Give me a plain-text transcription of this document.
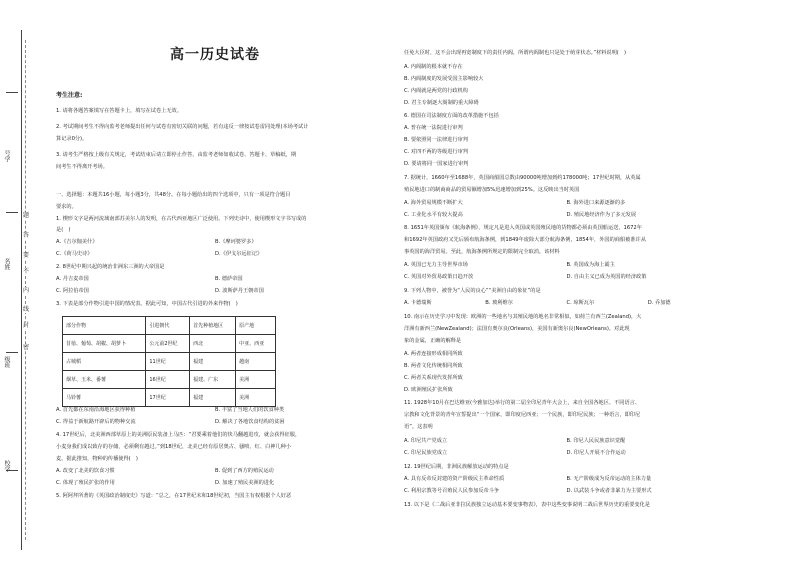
号学
名姓
级班
校学
题
答
要
不
内
线
封
密
高一历史试卷
考生注意:
1. 请将各题答案填写在答题卡上，填写在试卷上无效。
2. 考试期间考生不得向监考老师提出任何与试卷有密切关联的问题，若有违反一律按试卷雷同处理(本场考试计
算记录0分)。
3. 请考生严格按上级有关规定，考试结束后请立即停止作答，由监考老师如收试卷、答题卡、草稿纸，期
间考生不得离开考场。
一、选择题：本题共16小题，每小题3分，共48分。在每小题给出的四个选项中，只有一项是符合题目
要求的。
1. 楔形文字是两河流域南部苏美尔人的发明，在古代西亚地区广泛使用。下列史诗中，使用楔形文字书写成的
是(　)
A.《吉尔伽美什》	B.《摩诃婆罗多》
C.《荷马史诗》	D.《伊戈尔远征记》
2. 8世纪中期兴起的统治非洲东三洲的大帝国是
A. 丹吉麦帝国	B. 德萨帝国
C. 阿拉伯帝国	D. 波斯萨丹王朝帝国
3. 下表是部分作物引进中国的情况表。据此可知，中国古代引进的外来作物(　)
A. 首先都在东南沿海地区获得种植	B. 丰富了当地人们的饮食种类
C. 得益于新航路开辟后的物种交流	D. 解决了各地饮食结构的贫困
4. 17世纪后，北美洲西部草原上的美洲原民装备上马匹：“君要乘着他们的快马翻越进攻，就会获得征服，
小麦身我们成以致存的存储，必须剩有越过。”到18世纪，北美已经有原居奥古、骚喷、红、白神几种小
麦。据此推知，物种的传播使得(　)
A. 改变了北美的饮食习惯	B. 促到了西方的殖民运动
C. 体现了殖民扩张的作用	D. 加速了殖民美洲的进化
5. 阿阿拜所著的《英国政治制度史》写道：“总之，在17世纪末和18世纪初，当国主有权根据个人好恶
部分作物	引进朝代	首先种植地区	原产地
苜蓿、葡萄、胡椒、胡萝卜	公元前2世纪	西北	中亚、西亚
占城稻	11世纪	福建	越南
烟草、玉米、番薯	16世纪	福建、广东	美洲
马铃薯	17世纪	福建	美洲
任免大臣时，这不会出现再宽制度下的责任内阁，所谓内阁制也只是处于萌芽状态。”材料说明(　)
A. 内阁制的根本就不存在
B. 内阁制度的发展受国主影响较大
C. 内阁就是两党的行政机构
D. 君主专制逐大阁制的重大障碍
6. 德国在司法制度方面的改革措施不包括
A. 普在统一法院进行审判
B. 要依照同一法律进行审判
C. 对四不两的等级进行审判
D. 要请将同一国家进行审判
7. 据统计，1660年至1688年，英国商船国总数由90000吨增加到约178000吨；17世纪时期，从英属
殖民地进口的制商商品的贸易额增加5%迅速增加到25%。这反映出当时英国
A. 海外贸易规模不断扩大	B. 海外进口来源逐渐的多
C. 工业化水平有较大提高	D. 殖民地经济作为了多元发展
8. 1651年英国颁布《航海条例》，规定凡是进入英国或英国殖民地的货物都必须由英国船运送，1672年
和1692年英国政府又先后颁布航海条例，到1849年废除大部分航海条例，1854年，外国的商船被准许从
事英国的海洋贸易。至此，航海条例所规定的限制完全取消。该材料
A. 英国已无力主导世界市场	B. 英国成为海上霸主
C. 英国对外贸易政策日趋开放	D. 自由主义已成为英国的经济政策
9. 下列人物中，被誉为“人民的良心”“美洲自由的象征”的是
A. 卡德瑞斯	B. 玻利维尔	C. 琼斯瓦尔	D. 乔加德
10. 南示在历史学习中发现：欧洲的一些地名与其殖民地的地名非常相似，如荷兰有西兰(Zealand)，大
洋洲有新西兰(NewZealand)；法国有奥尔良(Orleans)，美国有新奥尔良(NewOrleans)。对此现
象的金属，正确的解释是
A. 两者连接形成相同所致
B. 两者文化传统相同所致
C. 两者关系现代发挥所致
D. 欧洲殖民扩张所致
11. 1928年10月在巴达维亚(今雅加达)举行的第二届全印尼青年大会上，来自全国各地区、不同语言、
宗教和文化背景的青年宣誓提出“一个国家，即印度尼西亚；一个民族，即印尼民族；一种语言，即印尼
语”。这表明
A. 印尼共产党成立	B. 印尼人民民族意识觉醒
C. 印尼民族党成立	D. 印尼人开展不合作运动
12. 19世纪后期，非洲民族解放运动的特点是
A. 具有反帝反封建的资产阶级民主革命性质	B. 无产阶级成为反帝运动的主体力量
C. 利用宗教等号召殖民人民参加反帝斗争	D. 以武装斗争或者非暴力为主要形式
13. 以下是《二战后亚非拉民族独立运动基本要变事物表》，表中这些变事说明二战后世界历史的重要变化是
